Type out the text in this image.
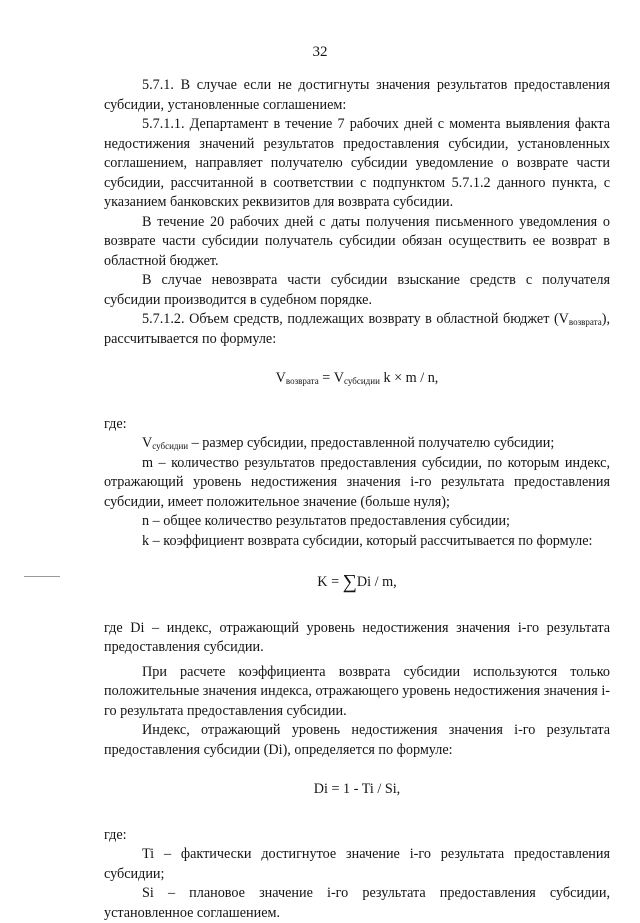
32

5.7.1. В случае если не достигнуты значения результатов предоставления субсидии, установленные соглашением:

5.7.1.1. Департамент в течение 7 рабочих дней с момента выявления факта недостижения значений результатов предоставления субсидии, установленных соглашением, направляет получателю субсидии уведомление о возврате части субсидии, рассчитанной в соответствии с подпунктом 5.7.1.2 данного пункта, с указанием банковских реквизитов для возврата субсидии.

В течение 20 рабочих дней с даты получения письменного уведомления о возврате части субсидии получатель субсидии обязан осуществить ее возврат в областной бюджет.

В случае невозврата части субсидии взыскание средств с получателя субсидии производится в судебном порядке.

5.7.1.2. Объем средств, подлежащих возврату в областной бюджет $(V_{возврата})$, рассчитывается по формуле:

$V_{возврата} = V_{субсидии}$ k × m / n,

где:

$V_{субсидии}$ – размер субсидии, предоставленной получателю субсидии;

m – количество результатов предоставления субсидии, по которым индекс, отражающий уровень недостижения значения i-го результата предоставления субсидии, имеет положительное значение (больше нуля);

n – общее количество результатов предоставления субсидии;

k – коэффициент возврата субсидии, который рассчитывается по формуле:

K = ∑Di / m,

где Di – индекс, отражающий уровень недостижения значения i-го результата предоставления субсидии.

При расчете коэффициента возврата субсидии используются только положительные значения индекса, отражающего уровень недостижения значения i-го результата предоставления субсидии.

Индекс, отражающий уровень недостижения значения i-го результата предоставления субсидии (Di), определяется по формуле:

Di = 1 - Ti / Si,

где:

Ti – фактически достигнутое значение i-го результата предоставления субсидии;

Si – плановое значение i-го результата предоставления субсидии, установленное соглашением.
